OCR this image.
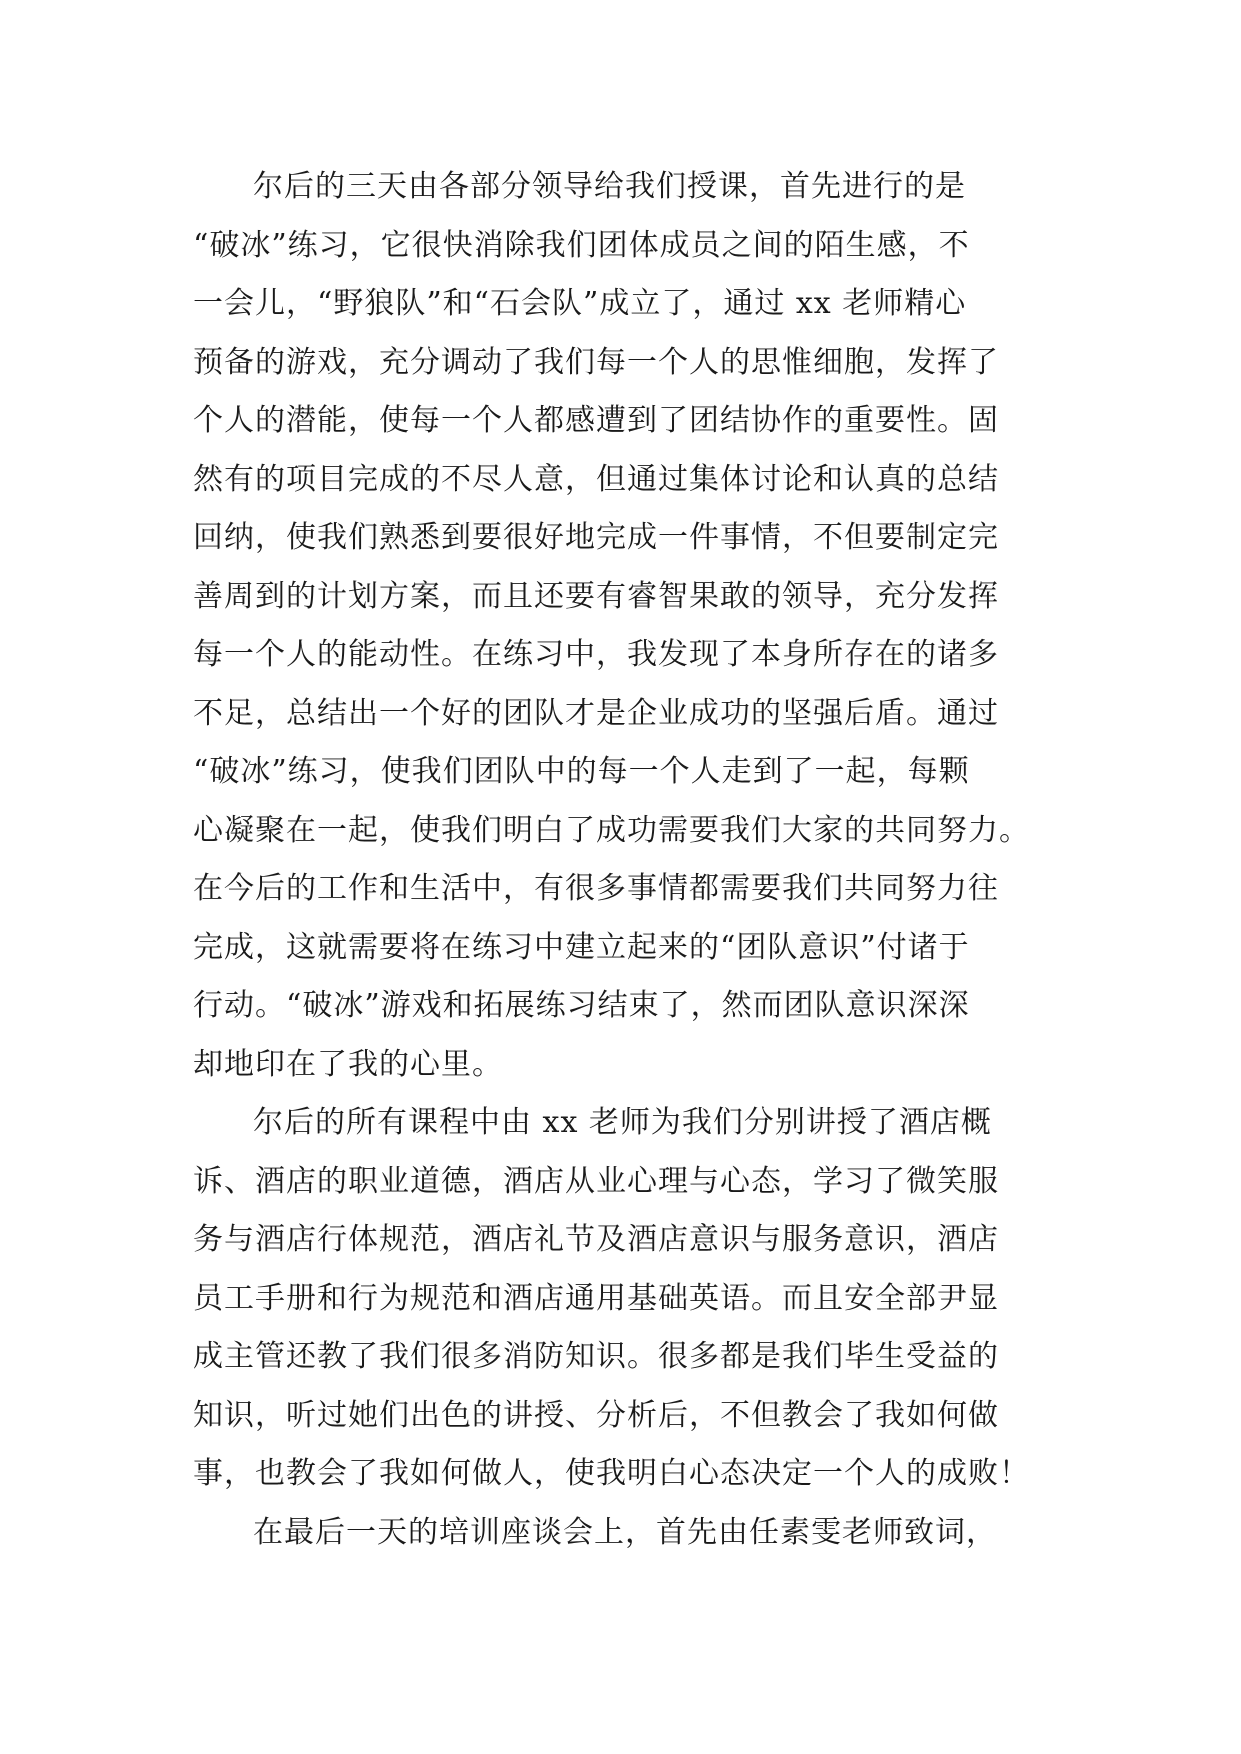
尔后的三天由各部分领导给我们授课，首先进行的是
“破冰”练习，它很快消除我们团体成员之间的陌生感，不
一会儿，“野狼队”和“石会队”成立了，通过 xx 老师精心
预备的游戏，充分调动了我们每一个人的思惟细胞，发挥了
个人的潜能，使每一个人都感遭到了团结协作的重要性。固
然有的项目完成的不尽人意，但通过集体讨论和认真的总结
回纳，使我们熟悉到要很好地完成一件事情，不但要制定完
善周到的计划方案，而且还要有睿智果敢的领导，充分发挥
每一个人的能动性。在练习中，我发现了本身所存在的诸多
不足，总结出一个好的团队才是企业成功的坚强后盾。通过
“破冰”练习，使我们团队中的每一个人走到了一起，每颗
心凝聚在一起，使我们明白了成功需要我们大家的共同努力。
在今后的工作和生活中，有很多事情都需要我们共同努力往
完成，这就需要将在练习中建立起来的“团队意识”付诸于
行动。“破冰”游戏和拓展练习结束了，然而团队意识深深
却地印在了我的心里。
尔后的所有课程中由 xx 老师为我们分别讲授了酒店概
诉、酒店的职业道德，酒店从业心理与心态，学习了微笑服
务与酒店行体规范，酒店礼节及酒店意识与服务意识，酒店
员工手册和行为规范和酒店通用基础英语。而且安全部尹显
成主管还教了我们很多消防知识。很多都是我们毕生受益的
知识，听过她们出色的讲授、分析后，不但教会了我如何做
事，也教会了我如何做人，使我明白心态决定一个人的成败！
在最后一天的培训座谈会上，首先由任素雯老师致词，
